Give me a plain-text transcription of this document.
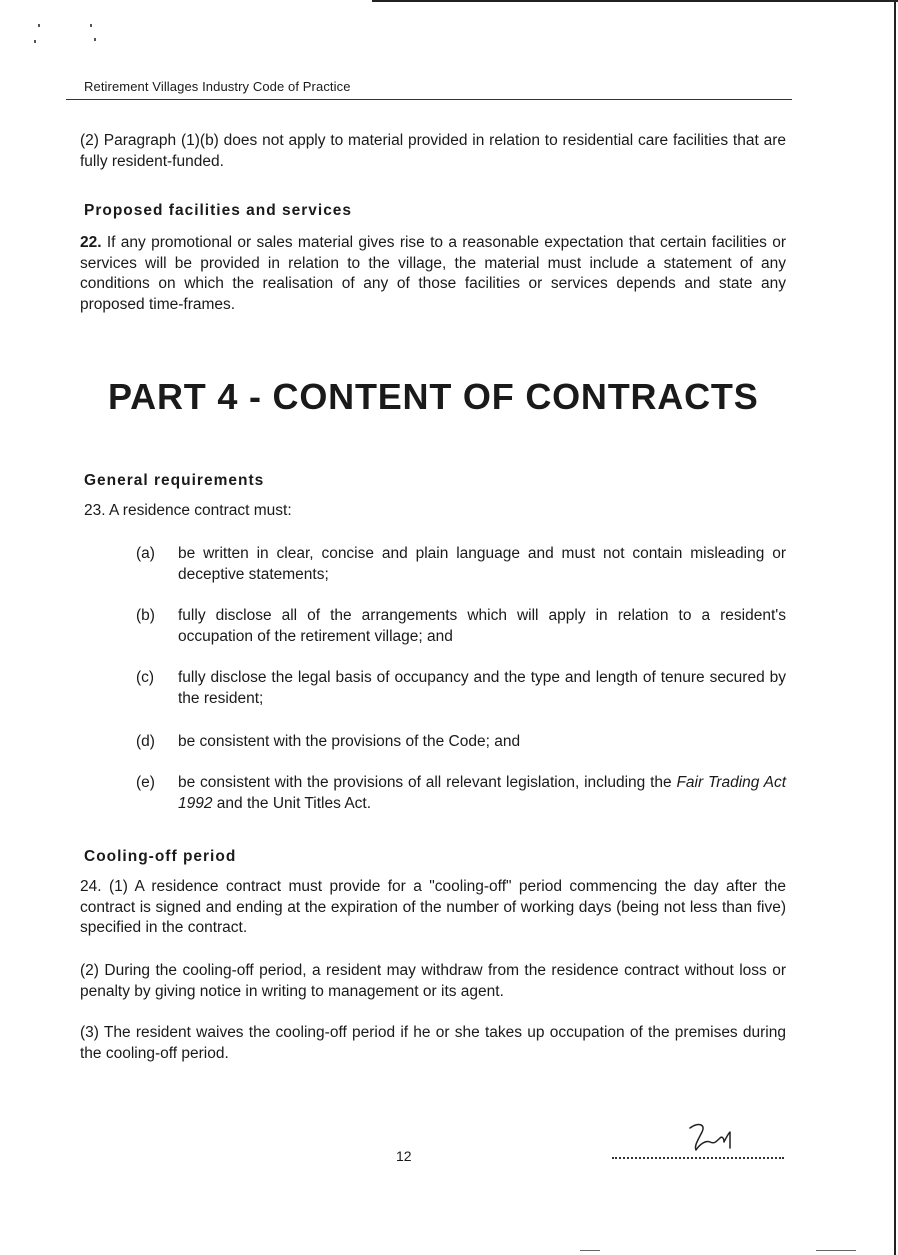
Retirement Villages Industry Code of Practice
(2) Paragraph (1)(b) does not apply to material provided in relation to residential care facilities that are fully resident-funded.
Proposed facilities and services
22. If any promotional or sales material gives rise to a reasonable expectation that certain facilities or services will be provided in relation to the village, the material must include a statement of any conditions on which the realisation of any of those facilities or services depends and state any proposed time-frames.
PART 4 - CONTENT OF CONTRACTS
General requirements
23. A residence contract must:
(a) be written in clear, concise and plain language and must not contain misleading or deceptive statements;
(b) fully disclose all of the arrangements which will apply in relation to a resident's occupation of the retirement village; and
(c) fully disclose the legal basis of occupancy and the type and length of tenure secured by the resident;
(d) be consistent with the provisions of the Code; and
(e) be consistent with the provisions of all relevant legislation, including the Fair Trading Act 1992 and the Unit Titles Act.
Cooling-off period
24. (1) A residence contract must provide for a "cooling-off" period commencing the day after the contract is signed and ending at the expiration of the number of working days (being not less than five) specified in the contract.
(2) During the cooling-off period, a resident may withdraw from the residence contract without loss or penalty by giving notice in writing to management or its agent.
(3) The resident waives the cooling-off period if he or she takes up occupation of the premises during the cooling-off period.
12
